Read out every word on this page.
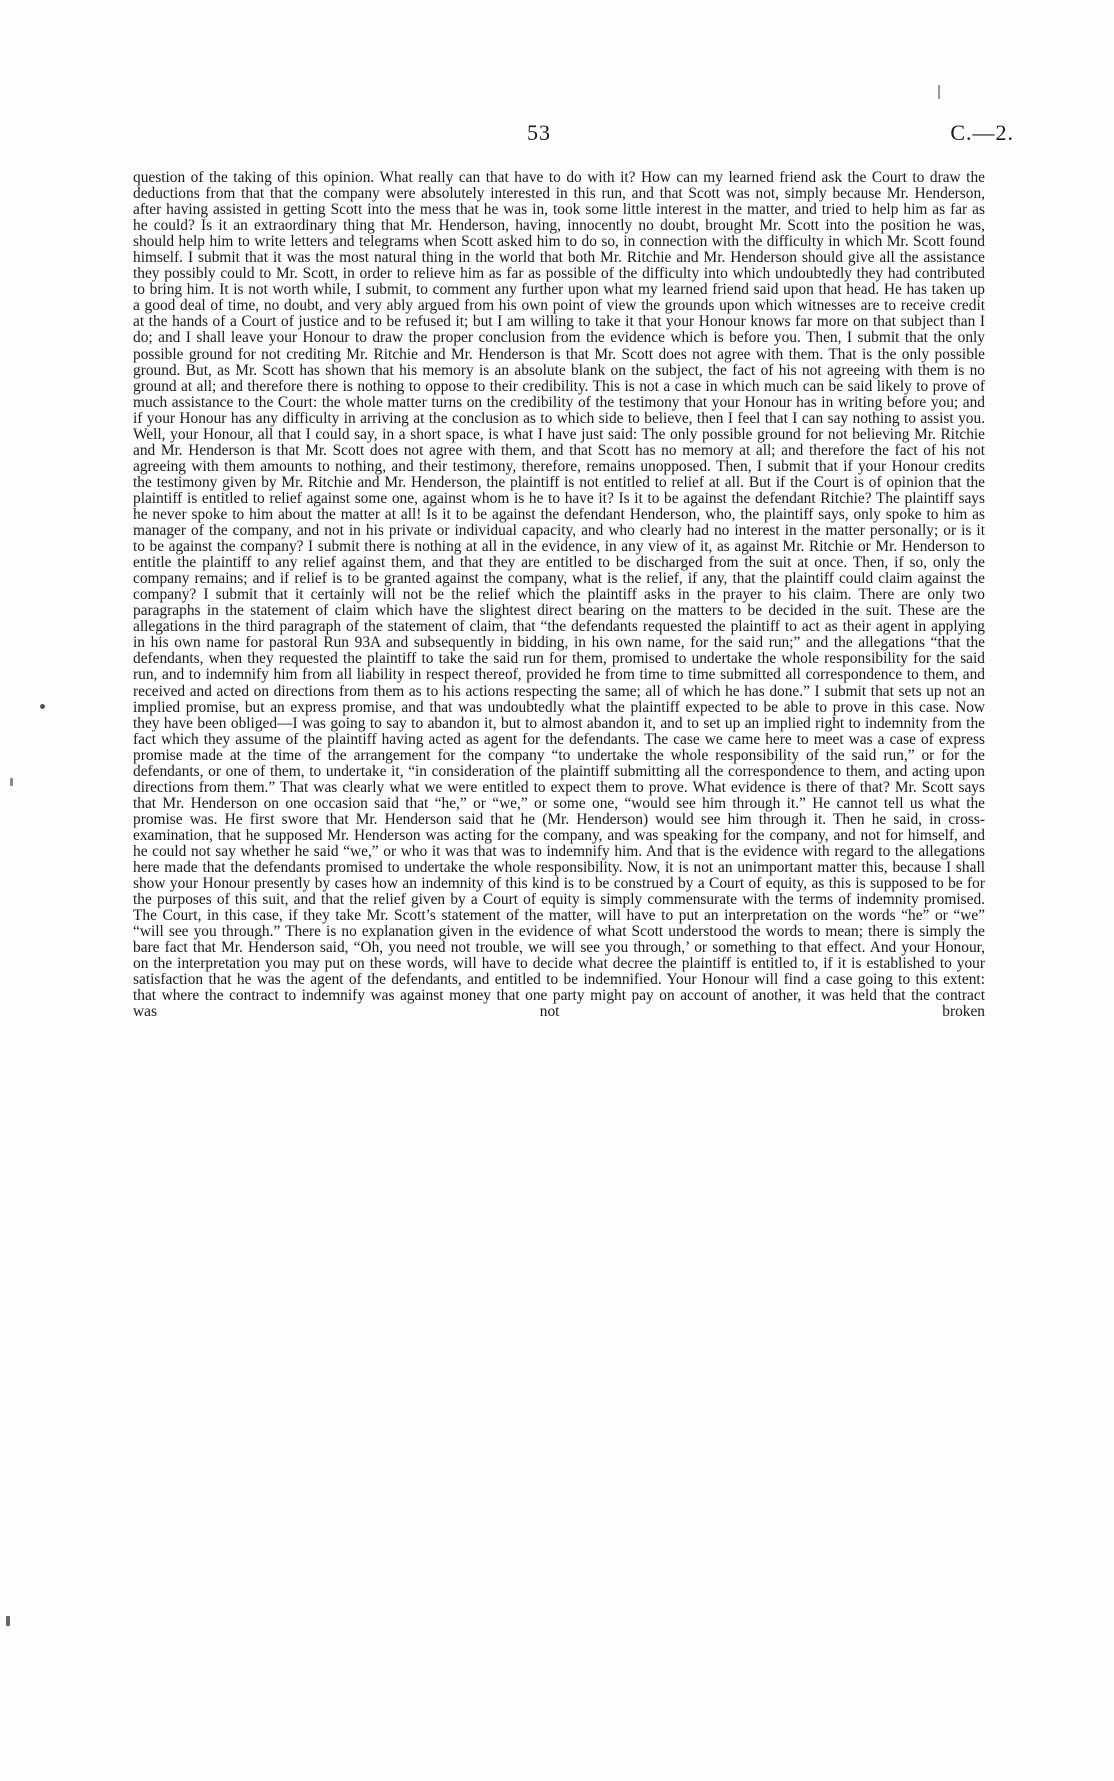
53	C.—2.

question of the taking of this opinion. What really can that have to do with it? How can my learned friend ask the Court to draw the deductions from that that the company were absolutely interested in this run, and that Scott was not, simply because Mr. Henderson, after having assisted in getting Scott into the mess that he was in, took some little interest in the matter, and tried to help him as far as he could? Is it an extraordinary thing that Mr. Henderson, having, innocently no doubt, brought Mr. Scott into the position he was, should help him to write letters and telegrams when Scott asked him to do so, in connection with the difficulty in which Mr. Scott found himself. I submit that it was the most natural thing in the world that both Mr. Ritchie and Mr. Henderson should give all the assistance they possibly could to Mr. Scott, in order to relieve him as far as possible of the difficulty into which undoubtedly they had contributed to bring him. It is not worth while, I submit, to comment any further upon what my learned friend said upon that head. He has taken up a good deal of time, no doubt, and very ably argued from his own point of view the grounds upon which witnesses are to receive credit at the hands of a Court of justice and to be refused it; but I am willing to take it that your Honour knows far more on that subject than I do; and I shall leave your Honour to draw the proper conclusion from the evidence which is before you. Then, I submit that the only possible ground for not crediting Mr. Ritchie and Mr. Henderson is that Mr. Scott does not agree with them. That is the only possible ground. But, as Mr. Scott has shown that his memory is an absolute blank on the subject, the fact of his not agreeing with them is no ground at all; and therefore there is nothing to oppose to their credibility. This is not a case in which much can be said likely to prove of much assistance to the Court: the whole matter turns on the credibility of the testimony that your Honour has in writing before you; and if your Honour has any difficulty in arriving at the conclusion as to which side to believe, then I feel that I can say nothing to assist you. Well, your Honour, all that I could say, in a short space, is what I have just said: The only possible ground for not believing Mr. Ritchie and Mr. Henderson is that Mr. Scott does not agree with them, and that Scott has no memory at all; and therefore the fact of his not agreeing with them amounts to nothing, and their testimony, therefore, remains unopposed. Then, I submit that if your Honour credits the testimony given by Mr. Ritchie and Mr. Henderson, the plaintiff is not entitled to relief at all. But if the Court is of opinion that the plaintiff is entitled to relief against some one, against whom is he to have it? Is it to be against the defendant Ritchie? The plaintiff says he never spoke to him about the matter at all! Is it to be against the defendant Henderson, who, the plaintiff says, only spoke to him as manager of the company, and not in his private or individual capacity, and who clearly had no interest in the matter personally; or is it to be against the company? I submit there is nothing at all in the evidence, in any view of it, as against Mr. Ritchie or Mr. Henderson to entitle the plaintiff to any relief against them, and that they are entitled to be discharged from the suit at once. Then, if so, only the company remains; and if relief is to be granted against the company, what is the relief, if any, that the plaintiff could claim against the company? I submit that it certainly will not be the relief which the plaintiff asks in the prayer to his claim. There are only two paragraphs in the statement of claim which have the slightest direct bearing on the matters to be decided in the suit. These are the allegations in the third paragraph of the statement of claim, that “the defendants requested the plaintiff to act as their agent in applying in his own name for pastoral Run 93A and subsequently in bidding, in his own name, for the said run;” and the allegations “that the defendants, when they requested the plaintiff to take the said run for them, promised to undertake the whole responsibility for the said run, and to indemnify him from all liability in respect thereof, provided he from time to time submitted all correspondence to them, and received and acted on directions from them as to his actions respecting the same; all of which he has done.” I submit that sets up not an implied promise, but an express promise, and that was undoubtedly what the plaintiff expected to be able to prove in this case. Now they have been obliged—I was going to say to abandon it, but to almost abandon it, and to set up an implied right to indemnity from the fact which they assume of the plaintiff having acted as agent for the defendants. The case we came here to meet was a case of express promise made at the time of the arrangement for the company “to undertake the whole responsibility of the said run,” or for the defendants, or one of them, to undertake it, “in consideration of the plaintiff submitting all the correspondence to them, and acting upon directions from them.” That was clearly what we were entitled to expect them to prove. What evidence is there of that? Mr. Scott says that Mr. Henderson on one occasion said that “he,” or “we,” or some one, “would see him through it.” He cannot tell us what the promise was. He first swore that Mr. Henderson said that he (Mr. Henderson) would see him through it. Then he said, in cross-examination, that he supposed Mr. Henderson was acting for the company, and was speaking for the company, and not for himself, and he could not say whether he said “we,” or who it was that was to indemnify him. And that is the evidence with regard to the allegations here made that the defendants promised to undertake the whole responsibility. Now, it is not an unimportant matter this, because I shall show your Honour presently by cases how an indemnity of this kind is to be construed by a Court of equity, as this is supposed to be for the purposes of this suit, and that the relief given by a Court of equity is simply commensurate with the terms of indemnity promised. The Court, in this case, if they take Mr. Scott’s statement of the matter, will have to put an interpretation on the words “he” or “we” “will see you through.” There is no explanation given in the evidence of what Scott understood the words to mean; there is simply the bare fact that Mr. Henderson said, “Oh, you need not trouble, we will see you through,’ or something to that effect. And your Honour, on the interpretation you may put on these words, will have to decide what decree the plaintiff is entitled to, if it is established to your satisfaction that he was the agent of the defendants, and entitled to be indemnified. Your Honour will find a case going to this extent: that where the contract to indemnify was against money that one party might pay on account of another, it was held that the contract was not broken
